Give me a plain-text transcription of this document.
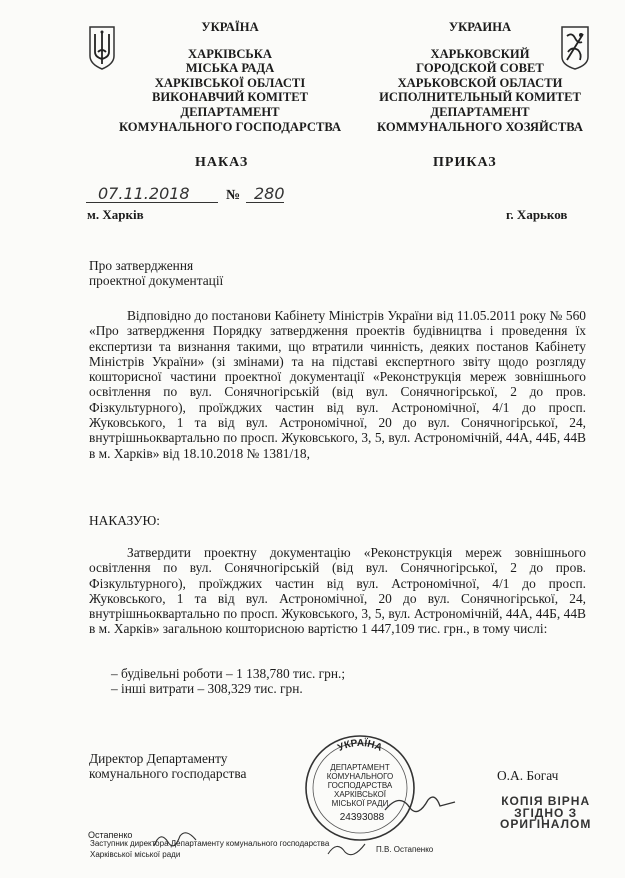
УКРАЇНА
ХАРКІВСЬКА
МІСЬКА РАДА
ХАРКІВСЬКОЇ ОБЛАСТІ
ВИКОНАВЧИЙ КОМІТЕТ
ДЕПАРТАМЕНТ
КОМУНАЛЬНОГО ГОСПОДАРСТВА
УКРАИНА
ХАРЬКОВСКИЙ
ГОРОДСКОЙ СОВЕТ
ХАРЬКОВСКОЙ ОБЛАСТИ
ИСПОЛНИТЕЛЬНЫЙ КОМИТЕТ
ДЕПАРТАМЕНТ
КОММУНАЛЬНОГО ХОЗЯЙСТВА
НАКАЗ	ПРИКАЗ
07.11.2018	№ 280
м. Харків	г. Харьков
Про затвердження
проектної документації

Відповідно до постанови Кабінету Міністрів України від 11.05.2011 року № 560 «Про затвердження Порядку затвердження проектів будівництва і проведення їх експертизи та визнання такими, що втратили чинність, деяких постанов Кабінету Міністрів України» (зі змінами) та на підставі експертного звіту щодо розгляду кошторисної частини проектної документації «Реконструкція мереж зовнішнього освітлення по вул. Сонячногірській (від вул. Сонячногірської, 2 до пров. Фізкультурного), проїжджих частин від вул. Астрономічної, 4/1 до просп. Жуковського, 1 та від вул. Астрономічної, 20 до вул. Сонячногірської, 24, внутрішньоквартально по просп. Жуковського, 3, 5, вул. Астрономічній, 44А, 44Б, 44В в м. Харків» від 18.10.2018 № 1381/18,

НАКАЗУЮ:

Затвердити проектну документацію «Реконструкція мереж зовнішнього освітлення по вул. Сонячногірській (від вул. Сонячногірської, 2 до пров. Фізкультурного), проїжджих частин від вул. Астрономічної, 4/1 до просп. Жуковського, 1 та від вул. Астрономічної, 20 до вул. Сонячногірської, 24, внутрішньоквартально по просп. Жуковського, 3, 5, вул. Астрономічній, 44А, 44Б, 44В в м. Харків» загальною кошторисною вартістю 1 447,109 тис. грн., в тому числі:

– будівельні роботи – 1 138,780 тис. грн.;
– інші витрати – 308,329 тис. грн.
Директор Департаменту
комунального господарства	О.А. Богач
УКРАЇНА
ДЕПАРТАМЕНТ
КОМУНАЛЬНОГО
ГОСПОДАРСТВА
ХАРКІВСЬКОЇ
МІСЬКОЇ РАДИ
24393088
КОПІЯ ВІРНА
ЗГІДНО З
ОРИГІНАЛОМ
Остапенко
Заступник директора Департаменту комунального господарства
Харківської міської ради
П.В. Остапенко
